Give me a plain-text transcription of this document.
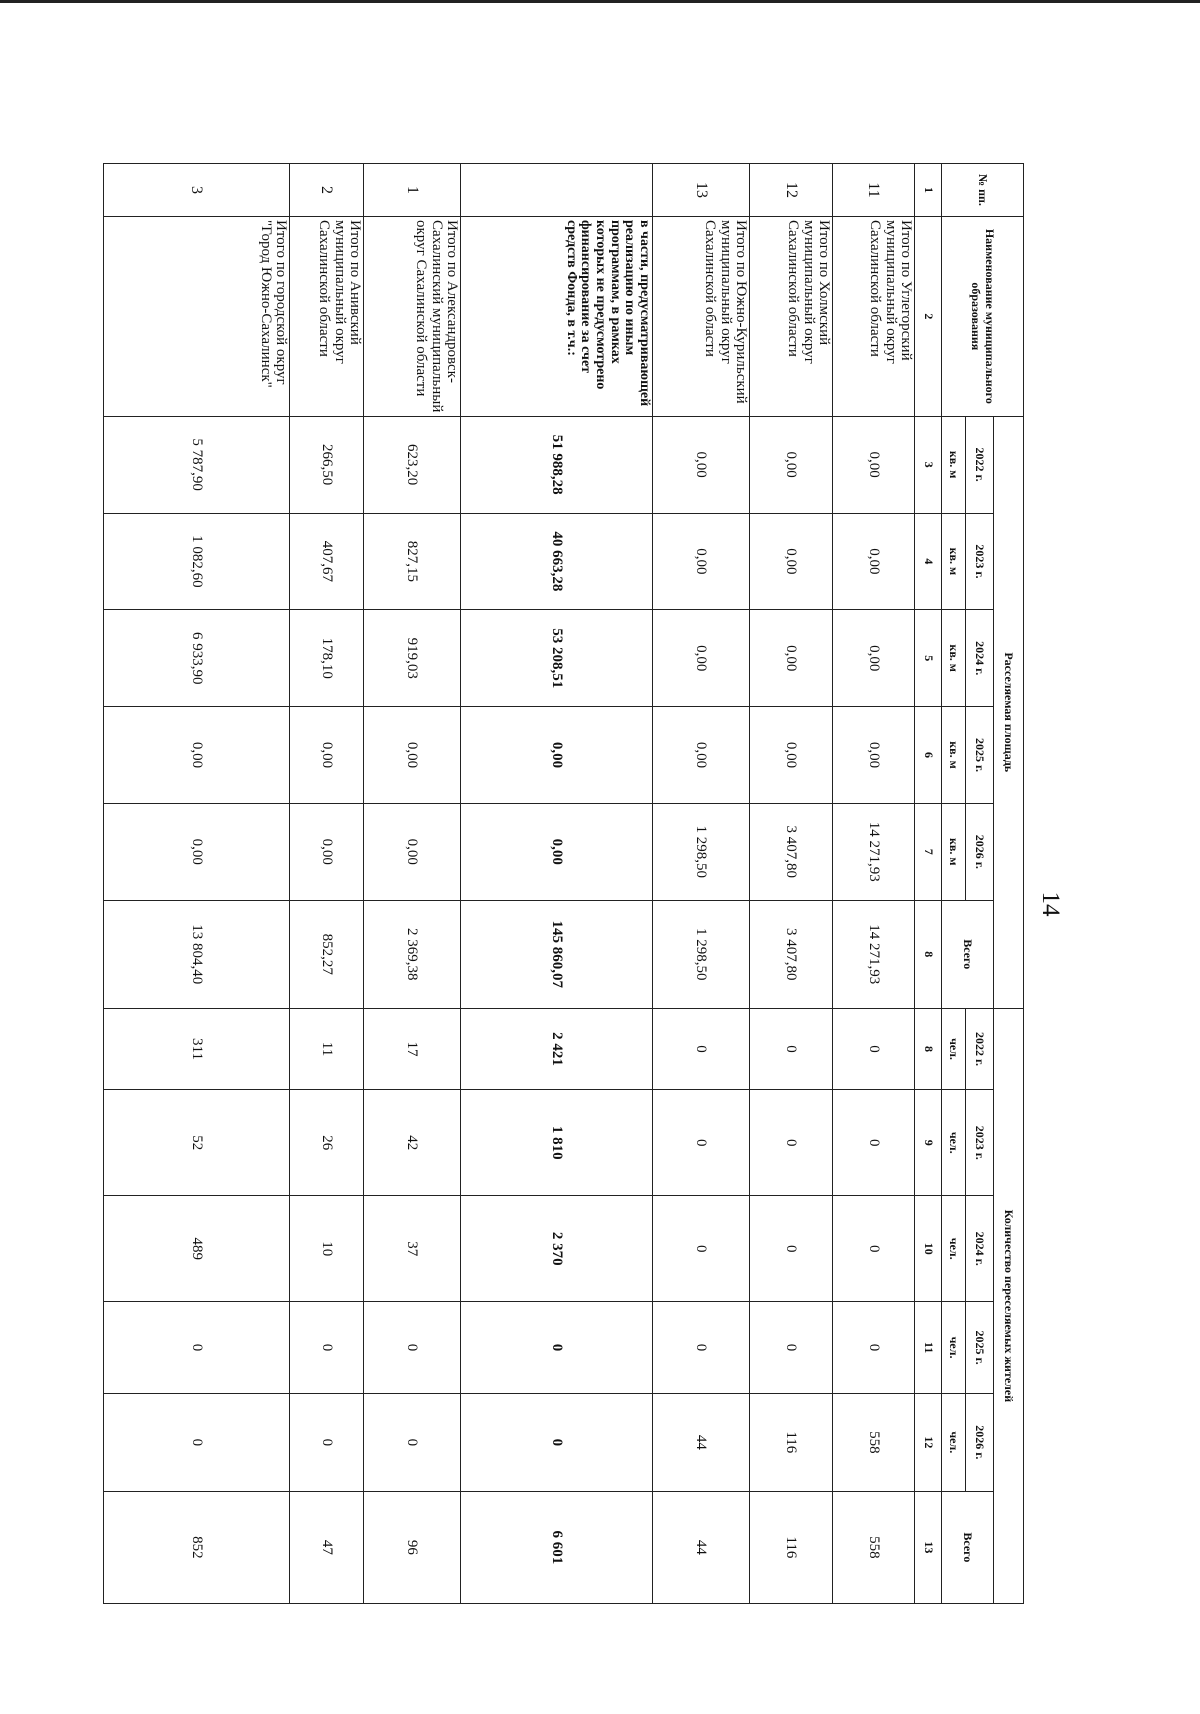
14
№ пп.	Наименование муниципального образования	Расселяемая площадь						Количество переселяемых жителей					
		2022 г.	2023 г.	2024 г.	2025 г.	2026 г.	Всего	2022 г.	2023 г.	2024 г.	2025 г.	2026 г.	Всего
		кв. м	кв. м	кв. м	кв. м	кв. м		чел.	чел.	чел.	чел.	чел.	
1	2	3	4	5	6	7	8	8	9	10	11	12	13
11	Итого по Углегорский муниципальный округ Сахалинской области	0,00	0,00	0,00	0,00	14 271,93	14 271,93	0	0	0	0	558	558
12	Итого по Холмский муниципальный округ Сахалинской области	0,00	0,00	0,00	0,00	3 407,80	3 407,80	0	0	0	0	116	116
13	Итого по Южно-Курильский муниципальный округ Сахалинской области	0,00	0,00	0,00	0,00	1 298,50	1 298,50	0	0	0	0	44	44
	в части, предусматривающей реализацию по иным программам, в рамках которых не предусмотрено финансирование за счет средств Фонда, в т.ч.:	51 988,28	40 663,28	53 208,51	0,00	0,00	145 860,07	2 421	1 810	2 370	0	0	6 601
1	Итого по Александровск-Сахалинский муниципальный округ Сахалинской области	623,20	827,15	919,03	0,00	0,00	2 369,38	17	42	37	0	0	96
2	Итого по Анивский муниципальный округ Сахалинской области	266,50	407,67	178,10	0,00	0,00	852,27	11	26	10	0	0	47
3	Итого по городской округ "Город Южно-Сахалинск"	5 787,90	1 082,60	6 933,90	0,00	0,00	13 804,40	311	52	489	0	0	852
